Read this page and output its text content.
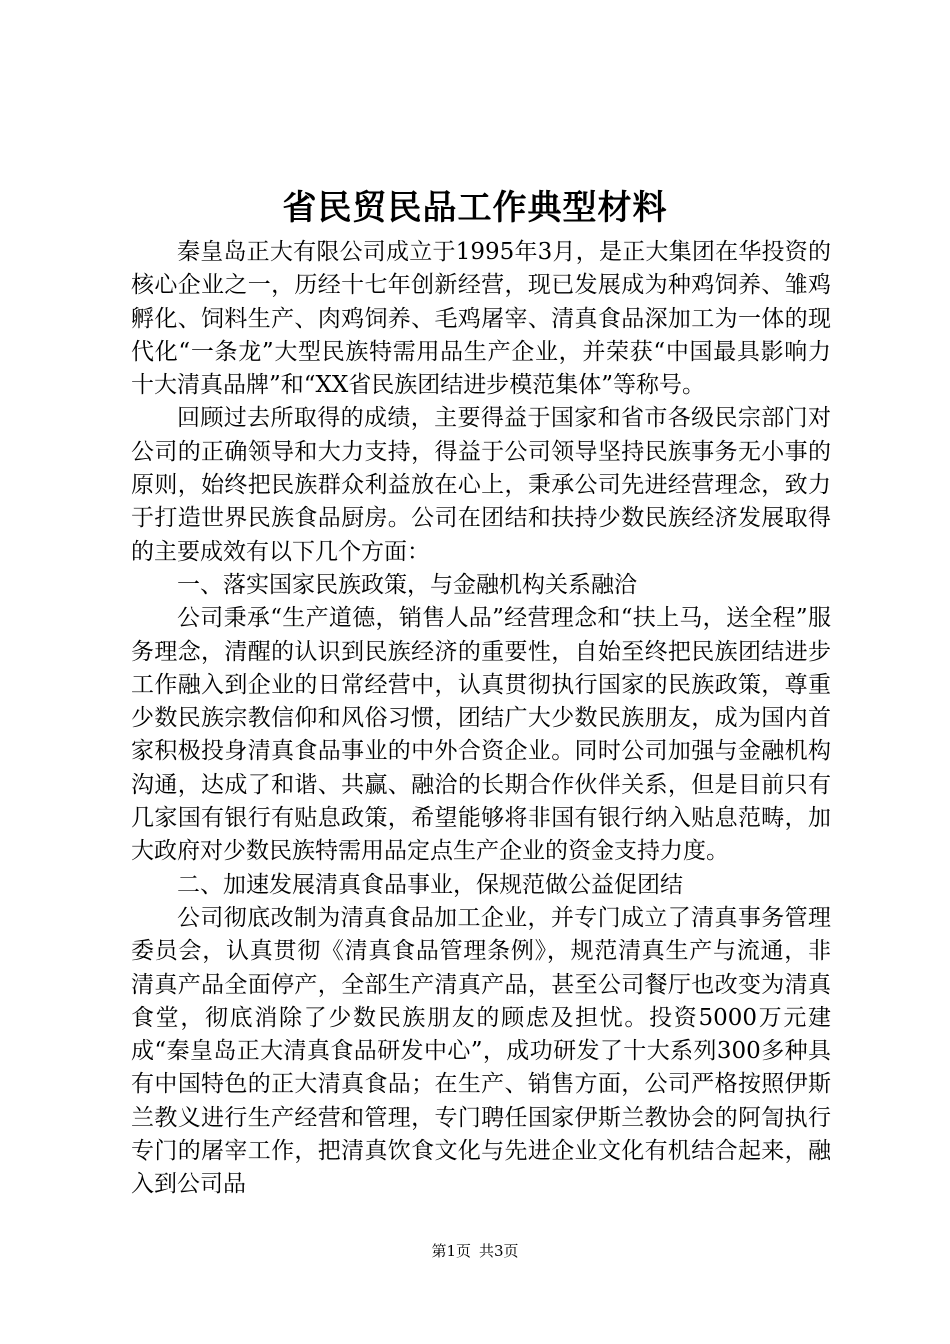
省民贸民品工作典型材料

秦皇岛正大有限公司成立于1995年3月，是正大集团在华投资的核心企业之一，历经十七年创新经营，现已发展成为种鸡饲养、雏鸡孵化、饲料生产、肉鸡饲养、毛鸡屠宰、清真食品深加工为一体的现代化“一条龙”大型民族特需用品生产企业，并荣获“中国最具影响力十大清真品牌”和“XX省民族团结进步模范集体”等称号。

回顾过去所取得的成绩，主要得益于国家和省市各级民宗部门对公司的正确领导和大力支持，得益于公司领导坚持民族事务无小事的原则，始终把民族群众利益放在心上，秉承公司先进经营理念，致力于打造世界民族食品厨房。公司在团结和扶持少数民族经济发展取得的主要成效有以下几个方面：

一、落实国家民族政策，与金融机构关系融洽

公司秉承“生产道德，销售人品”经营理念和“扶上马，送全程”服务理念，清醒的认识到民族经济的重要性，自始至终把民族团结进步工作融入到企业的日常经营中，认真贯彻执行国家的民族政策，尊重少数民族宗教信仰和风俗习惯，团结广大少数民族朋友，成为国内首家积极投身清真食品事业的中外合资企业。同时公司加强与金融机构沟通，达成了和谐、共赢、融洽的长期合作伙伴关系，但是目前只有几家国有银行有贴息政策，希望能够将非国有银行纳入贴息范畴，加大政府对少数民族特需用品定点生产企业的资金支持力度。

二、加速发展清真食品事业，保规范做公益促团结

公司彻底改制为清真食品加工企业，并专门成立了清真事务管理委员会，认真贯彻《清真食品管理条例》，规范清真生产与流通，非清真产品全面停产，全部生产清真产品，甚至公司餐厅也改变为清真食堂，彻底消除了少数民族朋友的顾虑及担忧。投资5000万元建成“秦皇岛正大清真食品研发中心”，成功研发了十大系列300多种具有中国特色的正大清真食品；在生产、销售方面，公司严格按照伊斯兰教义进行生产经营和管理，专门聘任国家伊斯兰教协会的阿訇执行专门的屠宰工作，把清真饮食文化与先进企业文化有机结合起来，融入到公司品

第1页 共3页
